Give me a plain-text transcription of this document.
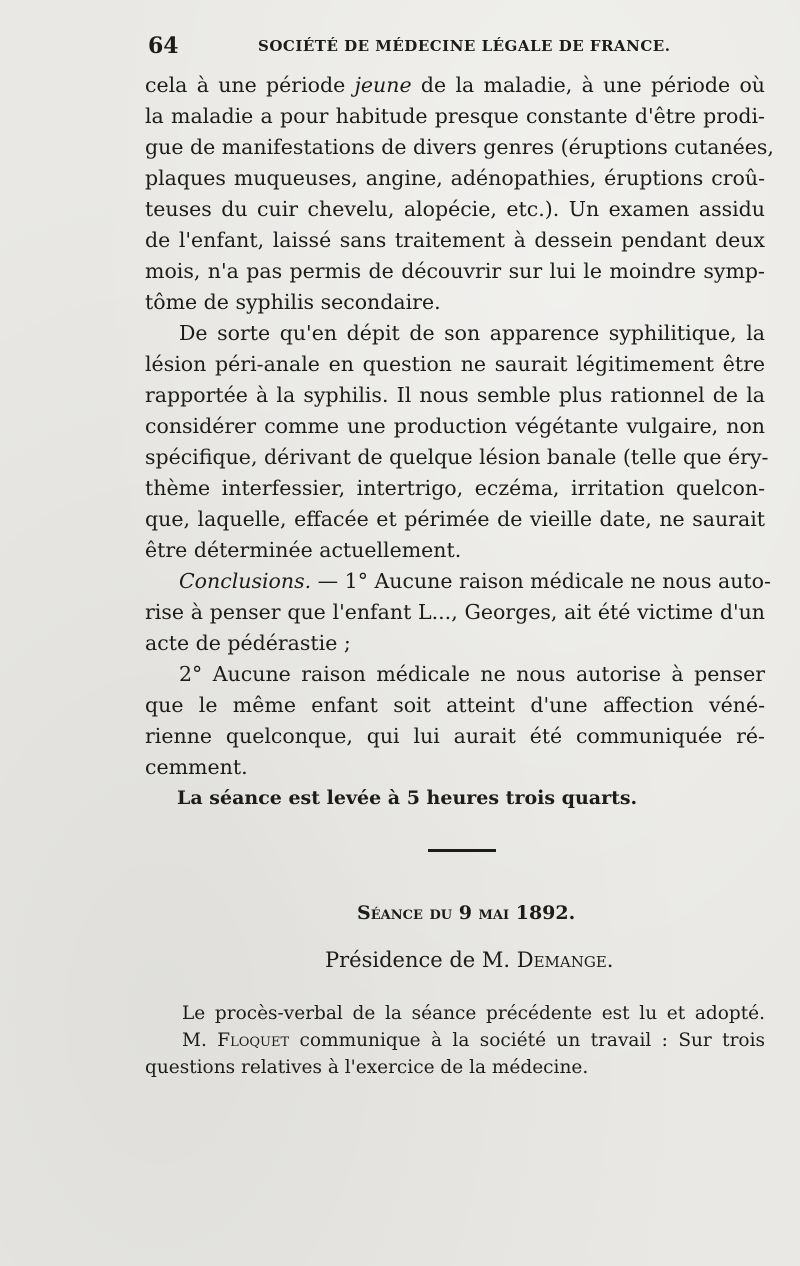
64	SOCIÉTÉ DE MÉDECINE LÉGALE DE FRANCE.

cela à une période jeune de la maladie, à une période où
la maladie a pour habitude presque constante d'être prodi-
gue de manifestations de divers genres (éruptions cutanées,
plaques muqueuses, angine, adénopathies, éruptions croû-
teuses du cuir chevelu, alopécie, etc.). Un examen assidu
de l'enfant, laissé sans traitement à dessein pendant deux
mois, n'a pas permis de découvrir sur lui le moindre symp-
tôme de syphilis secondaire.

De sorte qu'en dépit de son apparence syphilitique, la
lésion péri-anale en question ne saurait légitimement être
rapportée à la syphilis. Il nous semble plus rationnel de la
considérer comme une production végétante vulgaire, non
spécifique, dérivant de quelque lésion banale (telle que éry-
thème interfessier, intertrigo, eczéma, irritation quelcon-
que, laquelle, effacée et périmée de vieille date, ne saurait
être déterminée actuellement.

Conclusions. — 1° Aucune raison médicale ne nous auto-
rise à penser que l'enfant L..., Georges, ait été victime d'un
acte de pédérastie ;

2° Aucune raison médicale ne nous autorise à penser
que le même enfant soit atteint d'une affection véné-
rienne quelconque, qui lui aurait été communiquée ré-
cemment.

La séance est levée à 5 heures trois quarts.
Séance du 9 mai 1892.
Présidence de M. Demange.
Le procès-verbal de la séance précédente est lu et adopté.
M. Floquet communique à la société un travail : Sur trois
questions relatives à l'exercice de la médecine.
